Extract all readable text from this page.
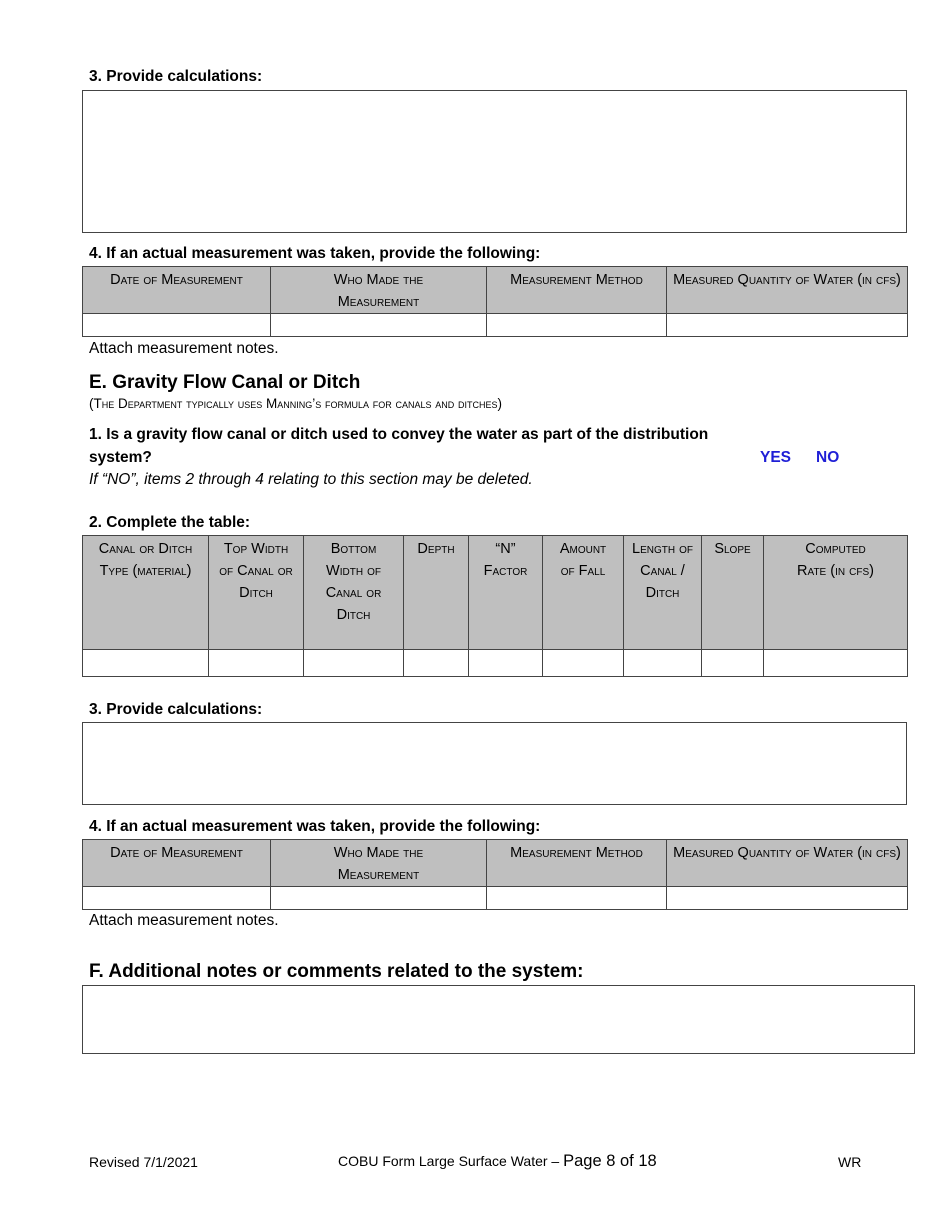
3. Provide calculations:
4. If an actual measurement was taken, provide the following:
Date of Measurement	Who Made the Measurement	Measurement Method	Measured Quantity of Water (in cfs)

Attach measurement notes.
E. Gravity Flow Canal or Ditch
(The Department typically uses Manning’s formula for canals and ditches)
1. Is a gravity flow canal or ditch used to convey the water as part of the distribution
system?	YES NO
If “NO”, items 2 through 4 relating to this section may be deleted.
2. Complete the table:
Canal or Ditch Type (material)	Top Width of Canal or Ditch	Bottom Width of Canal or Ditch	Depth	“N” Factor	Amount of Fall	Length of Canal / Ditch	Slope	Computed Rate (in cfs)

3. Provide calculations:
4. If an actual measurement was taken, provide the following:
Date of Measurement	Who Made the Measurement	Measurement Method	Measured Quantity of Water (in cfs)

Attach measurement notes.
F. Additional notes or comments related to the system:
Revised 7/1/2021	COBU Form Large Surface Water – Page 8 of 18	WR
